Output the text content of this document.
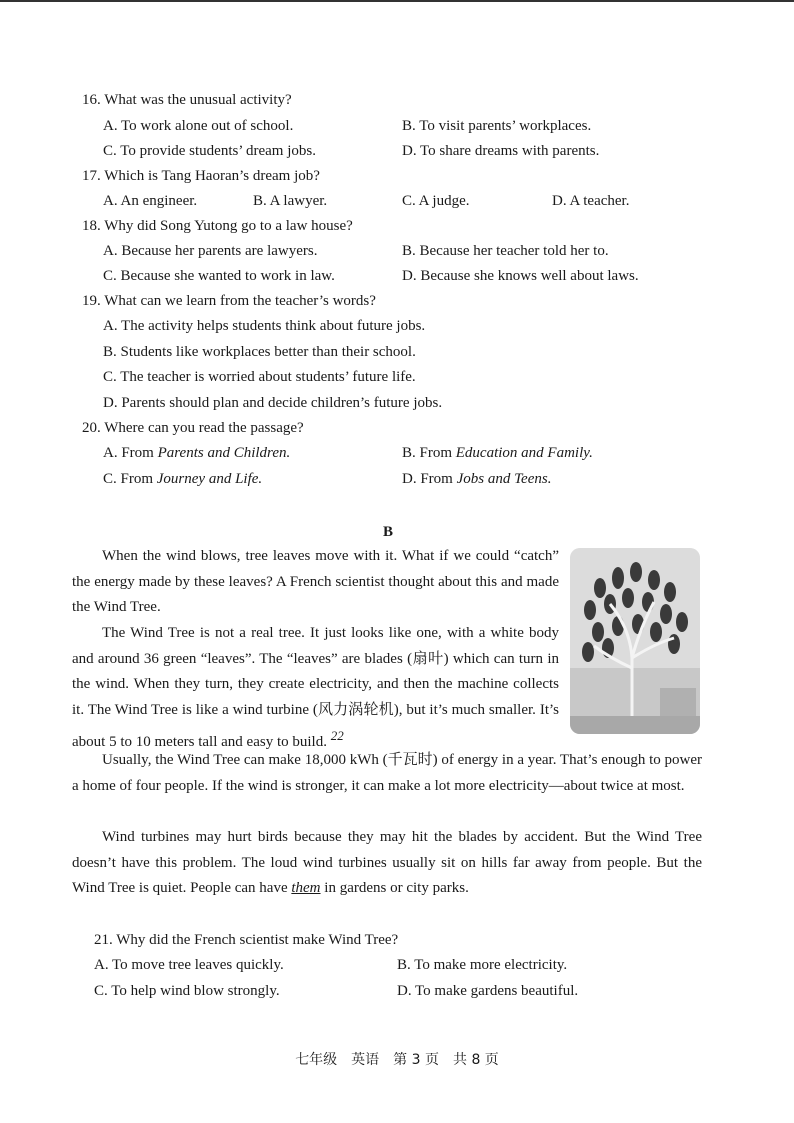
16. What was the unusual activity?
A. To work alone out of school.	B. To visit parents’ workplaces.
C. To provide students’ dream jobs.	D. To share dreams with parents.
17. Which is Tang Haoran’s dream job?
A. An engineer.	B. A lawyer.	C. A judge.	D. A teacher.
18. Why did Song Yutong go to a law house?
A. Because her parents are lawyers.	B. Because her teacher told her to.
C. Because she wanted to work in law.	D. Because she knows well about laws.
19. What can we learn from the teacher’s words?
A. The activity helps students think about future jobs.
B. Students like workplaces better than their school.
C. The teacher is worried about students’ future life.
D. Parents should plan and decide children’s future jobs.
20. Where can you read the passage?
A. From Parents and Children.	B. From Education and Family.
C. From Journey and Life.	D. From Jobs and Teens.
B

When the wind blows, tree leaves move with it. What if we could “catch” the energy made by these leaves? A French scientist thought about this and made the Wind Tree.

The Wind Tree is not a real tree. It just looks like one, with a white body and around 36 green “leaves”. The “leaves” are blades (扇叶) which can turn in the wind. When they turn, they create electricity, and then the machine collects it. The Wind Tree is like a wind turbine (风力涡轮机), but it’s much smaller. It’s about 5 to 10 meters tall and easy to build. 22

Usually, the Wind Tree can make 18,000 kWh (千瓦时) of energy in a year. That’s enough to power a home of four people. If the wind is stronger, it can make a lot more electricity—about twice at most.

Wind turbines may hurt birds because they may hit the blades by accident. But the Wind Tree doesn’t have this problem. The loud wind turbines usually sit on hills far away from people. But the Wind Tree is quiet. People can have them in gardens or city parks.

21. Why did the French scientist make Wind Tree?
A. To move tree leaves quickly.	B. To make more electricity.
C. To help wind blow strongly.	D. To make gardens beautiful.
七年级　英语　第 3 页　共 8 页
